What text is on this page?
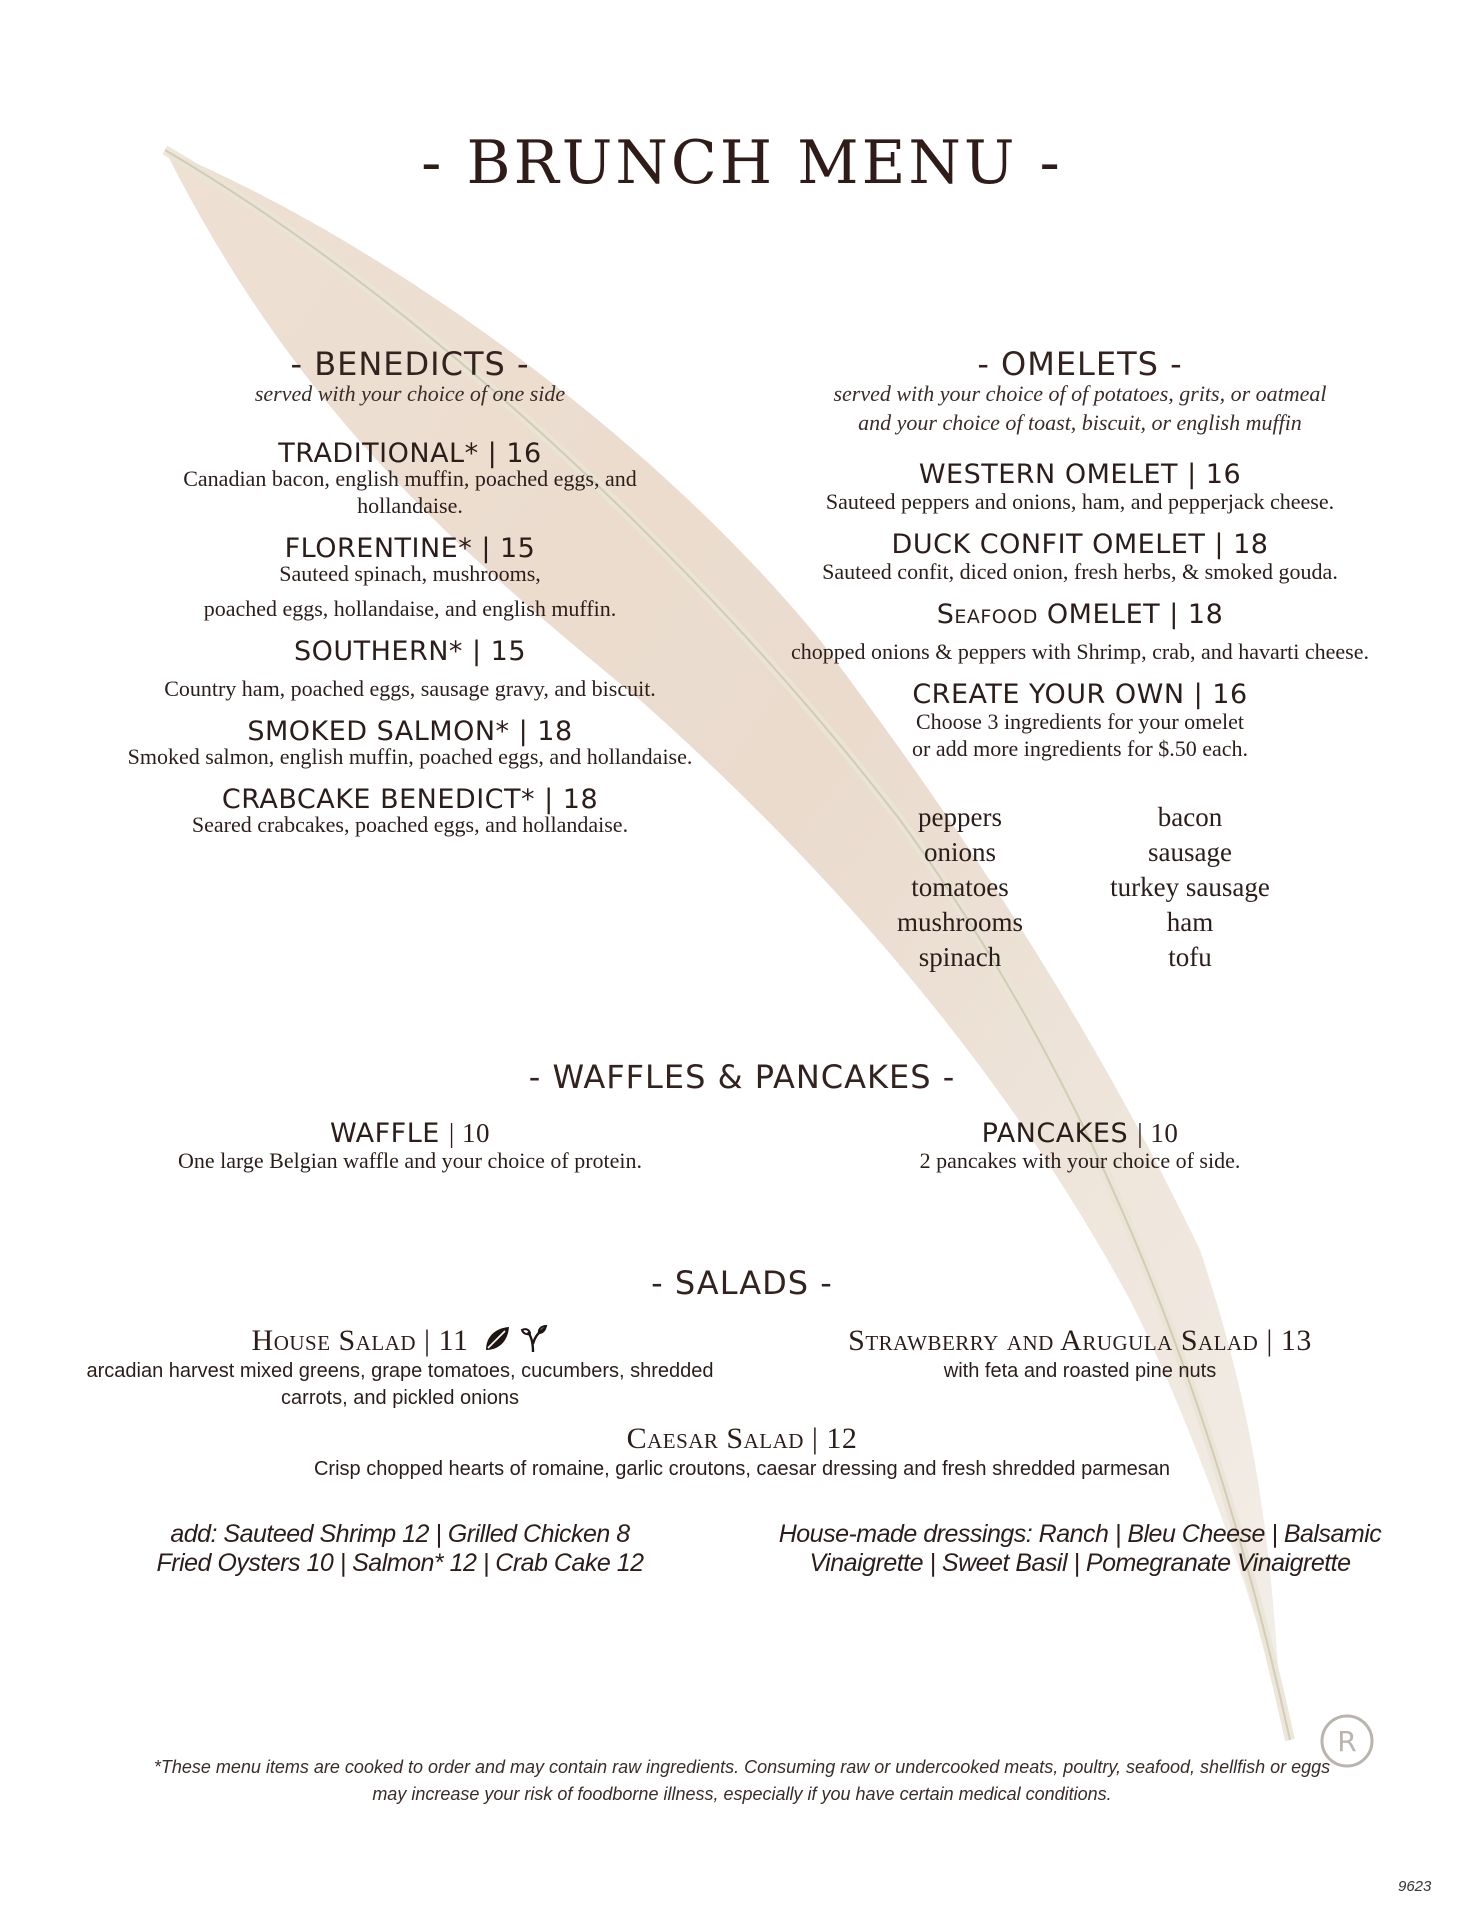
- BRUNCH MENU -
- BENEDICTS -
served with your choice of one side
TRADITIONAL* | 16
Canadian bacon, english muffin, poached eggs, and
hollandaise.
FLORENTINE* | 15
Sauteed spinach, mushrooms,
poached eggs, hollandaise, and english muffin.
SOUTHERN* | 15
Country ham, poached eggs, sausage gravy, and biscuit.
SMOKED SALMON* | 18
Smoked salmon, english muffin, poached eggs, and hollandaise.
CRABCAKE BENEDICT* | 18
Seared crabcakes, poached eggs, and hollandaise.
- OMELETS -
served with your choice of of potatoes, grits, or oatmeal
and your choice of toast, biscuit, or english muffin
WESTERN OMELET | 16
Sauteed peppers and onions, ham, and pepperjack cheese.
DUCK CONFIT OMELET | 18
Sauteed confit, diced onion, fresh herbs, & smoked gouda.
Seafood OMELET | 18
chopped onions & peppers with Shrimp, crab, and havarti cheese.
CREATE YOUR OWN | 16
Choose 3 ingredients for your omelet
or add more ingredients for $.50 each.
peppers
onions
tomatoes
mushrooms
spinach
bacon
sausage
turkey sausage
ham
tofu
- WAFFLES & PANCAKES -
WAFFLE | 10
One large Belgian waffle and your choice of protein.
PANCAKES | 10
2 pancakes with your choice of side.
- SALADS -
House Salad | 11
arcadian harvest mixed greens, grape tomatoes, cucumbers, shredded
carrots, and pickled onions
Strawberry and Arugula Salad | 13
with feta and roasted pine nuts
Caesar Salad | 12
Crisp chopped hearts of romaine, garlic croutons, caesar dressing and fresh shredded parmesan
add: Sauteed Shrimp 12 | Grilled Chicken 8
Fried Oysters 10 | Salmon* 12 | Crab Cake 12
House-made dressings: Ranch | Bleu Cheese | Balsamic
Vinaigrette | Sweet Basil | Pomegranate Vinaigrette
R
*These menu items are cooked to order and may contain raw ingredients. Consuming raw or undercooked meats, poultry, seafood, shellfish or eggs
may increase your risk of foodborne illness, especially if you have certain medical conditions.
9623
